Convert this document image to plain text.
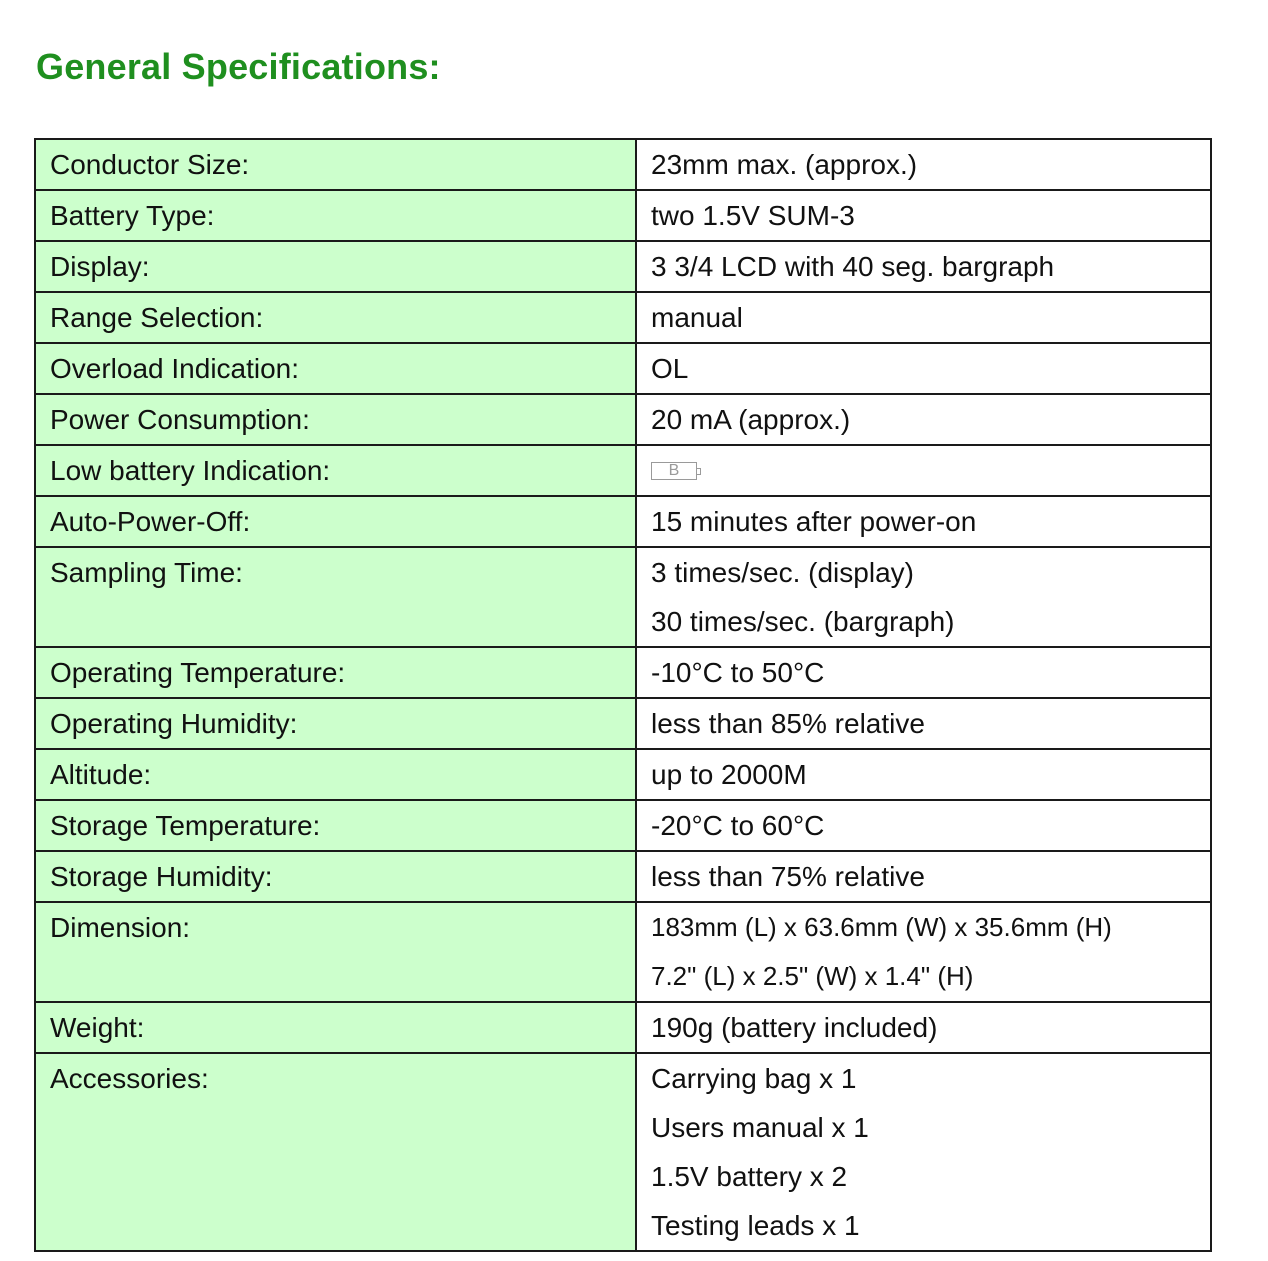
General Specifications:
Conductor Size:	23mm max. (approx.)

Battery Type:	two 1.5V SUM-3

Display:	3 3/4 LCD with 40 seg. bargraph

Range Selection:	manual

Overload Indication:	OL

Power Consumption:	20 mA (approx.)

Low battery Indication:	B

Auto-Power-Off:	15 minutes after power-on

Sampling Time:	3 times/sec. (display)
30 times/sec. (bargraph)

Operating Temperature:	-10°C to 50°C

Operating Humidity:	less than 85% relative

Altitude:	up to 2000M

Storage Temperature:	-20°C to 60°C

Storage Humidity:	less than 75% relative

Dimension:	183mm (L) x 63.6mm (W) x 35.6mm (H)
7.2" (L) x 2.5" (W) x 1.4" (H)

Weight:	190g (battery included)

Accessories:	Carrying bag x 1
Users manual x 1
1.5V battery x 2
Testing leads x 1
